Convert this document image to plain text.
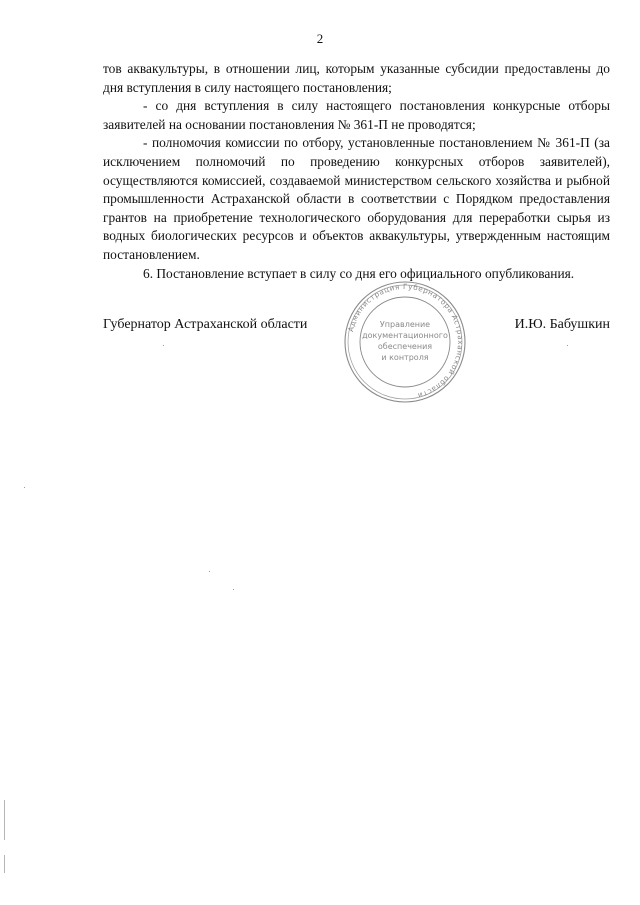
2

тов аквакультуры, в отношении лиц, которым указанные субсидии предоставлены до дня вступления в силу настоящего постановления;

- со дня вступления в силу настоящего постановления конкурсные отборы заявителей на основании постановления № 361-П не проводятся;

- полномочия комиссии по отбору, установленные постановлением № 361-П (за исключением полномочий по проведению конкурсных отборов заявителей), осуществляются комиссией, создаваемой министерством сельского хозяйства и рыбной промышленности Астраханской области в соответствии с Порядком предоставления грантов на приобретение технологического оборудования для переработки сырья из водных биологических ресурсов и объектов аквакультуры, утвержденным настоящим постановлением.

6. Постановление вступает в силу со дня его официального опубликования.

Губернатор Астраханской области	И.Ю. Бабушкин
Администрация Губернатора Астраханской области
Управление
документационного
обеспечения
и контроля
